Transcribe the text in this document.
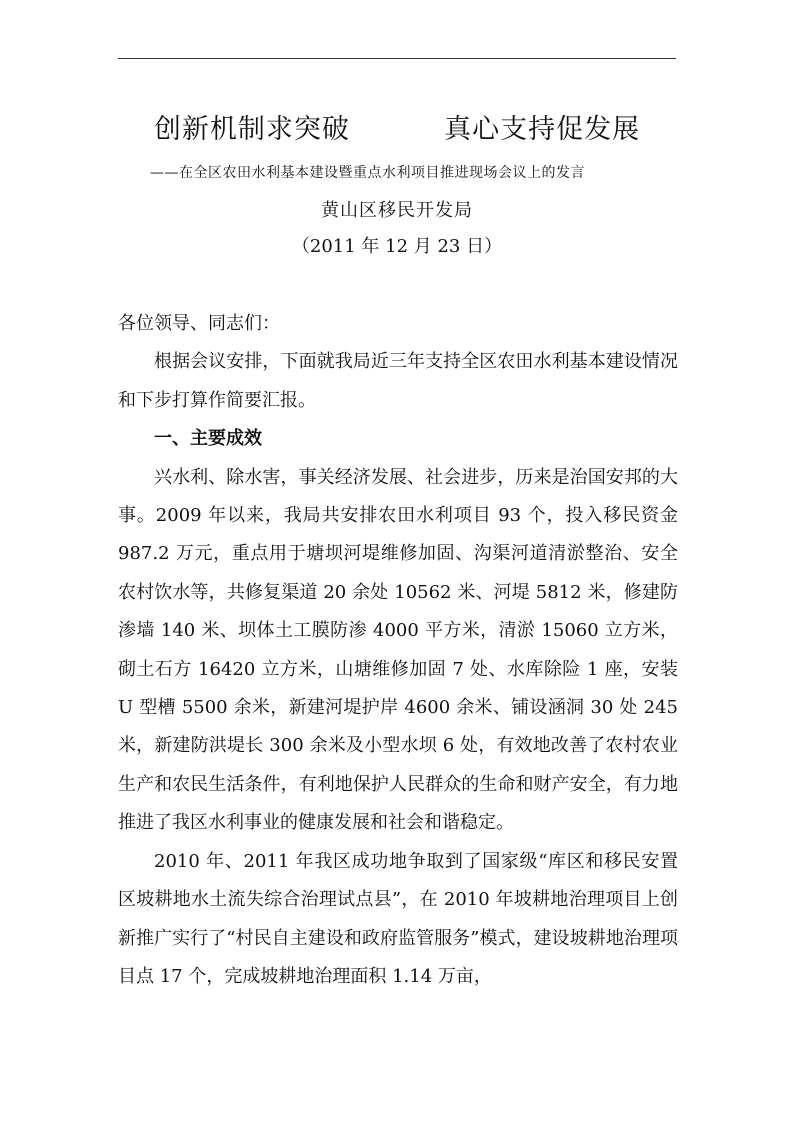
创新机制求突破    真心支持促发展
——在全区农田水利基本建设暨重点水利项目推进现场会议上的发言
黄山区移民开发局
（2011 年 12 月 23 日）

各位领导、同志们：

根据会议安排，下面就我局近三年支持全区农田水利基本建设情况和下步打算作简要汇报。

一、主要成效

兴水利、除水害，事关经济发展、社会进步，历来是治国安邦的大事。2009 年以来，我局共安排农田水利项目 93 个，投入移民资金 987.2 万元，重点用于塘坝河堤维修加固、沟渠河道清淤整治、安全农村饮水等，共修复渠道 20 余处 10562 米、河堤 5812 米，修建防渗墙 140 米、坝体土工膜防渗 4000 平方米，清淤 15060 立方米，砌土石方 16420 立方米，山塘维修加固 7 处、水库除险 1 座，安装 U 型槽 5500 余米，新建河堤护岸 4600 余米、铺设涵洞 30 处 245 米，新建防洪堤长 300 余米及小型水坝 6 处，有效地改善了农村农业生产和农民生活条件，有利地保护人民群众的生命和财产安全，有力地推进了我区水利事业的健康发展和社会和谐稳定。

2010 年、2011 年我区成功地争取到了国家级“库区和移民安置区坡耕地水土流失综合治理试点县”，在 2010 年坡耕地治理项目上创新推广实行了“村民自主建设和政府监管服务”模式，建设坡耕地治理项目点 17 个，完成坡耕地治理面积 1.14 万亩，
